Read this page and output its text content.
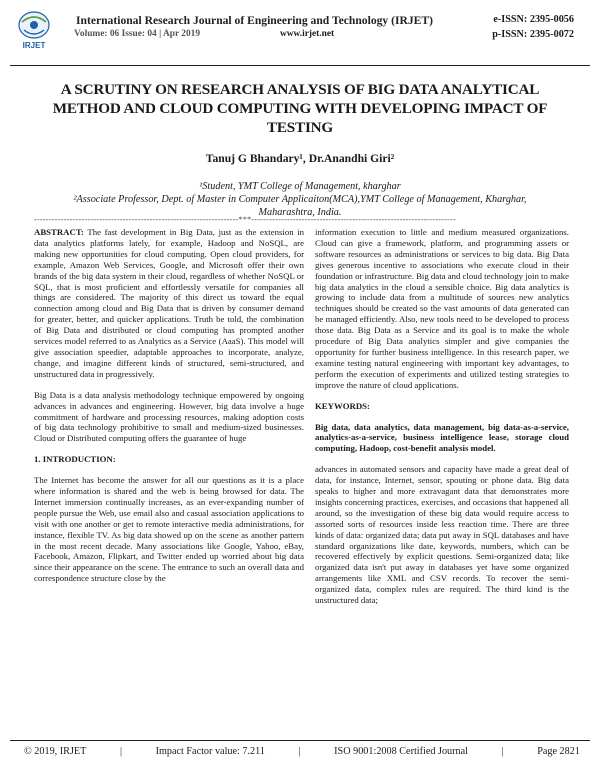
IRJET
International Research Journal of Engineering and Technology (IRJET)	e-ISSN: 2395-0056
Volume: 06 Issue: 04 | Apr 2019	www.irjet.net	p-ISSN: 2395-0072
A SCRUTINY ON RESEARCH ANALYSIS OF BIG DATA ANALYTICAL METHOD AND CLOUD COMPUTING WITH DEVELOPING IMPACT OF TESTING
Tanuj G Bhandary¹, Dr.Anandhi Giri²
¹Student, YMT College of Management, kharghar
²Associate Professor, Dept. of Master in Computer Applicaiton(MCA),YMT College of Management, Kharghar, Maharashtra, India.
---------------------------------------------------------------------***---------------------------------------------------------------------

ABSTRACT: The fast development in Big Data, just as the extension in data analytics platforms lately, for example, Hadoop and NoSQL, are making new opportunities for cloud computing. Open cloud providers, for example, Amazon Web Services, Google, and Microsoft offer their own brands of the big data system in their cloud, regardless of whether NoSQL or SQL, that is most proficient and effortlessly versatile for companies all things are considered. The majority of this direct us toward the equal connection among cloud and Big Data that is driven by consumer demand for greater, better, and quicker applications. Truth be told, the combination of Big Data and distributed or cloud computing has prompted another services model referred to as Analytics as a Service (AaaS). This model will give association speedier, adaptable approaches to incorporate, analyze, change, and imagine different kinds of structured, semi-structured, and unstructured data in progressively.

Big Data is a data analysis methodology technique empowered by ongoing advances in advances and engineering. However, big data involve a huge commitment of hardware and processing resources, making adoption costs of big data technology prohibitive to small and medium-sized businesses. Cloud or Distributed computing offers the guarantee of huge

1. INTRODUCTION:

The Internet has become the answer for all our questions as it is a place where information is shared and the web is being browsed for data. The Internet immersion continually increases, as an ever-expanding number of people pursue the Web, use email also and casual association applications to visit with one another or get to remote interactive media administrations, for instance, flexible TV. As big data showed up on the scene as another pattern in the most recent decade. Many associations like Google, Yahoo, eBay, Facebook, Amazon, Flipkart, and Twitter ended up worried about big data since their appearance on the scene. The entrance to such an overall data and correspondence structure close by the

information execution to little and medium measured organizations. Cloud can give a framework, platform, and programming assets or software resources as administrations or services to big data. Big Data gives generous incentive to associations who execute cloud in their foundation or infrastructure. Big data and cloud technology join to make big data analytics in the cloud a sensible choice. Big data analytics is growing to include data from a multitude of sources new analytics techniques should be created so the vast amounts of data generated can be managed efficiently. Also, new tools need to be developed to process those data. Big Data as a Service and its goal is to make the whole procedure of Big Data analytics simpler and give companies the opportunity for further business intelligence. In this research paper, we examine testing natural engineering with important key advantages, to perform the execution of experiments and utilized testing strategies to improve the nature of cloud applications.

KEYWORDS:

Big data, data analytics, data management, big data-as-a-service, analytics-as-a-service, business intelligence lease, storage cloud computing, Hadoop, cost-benefit analysis model.

advances in automated sensors and capacity have made a great deal of data, for instance, Internet, sensor, spouting or phone data. Big data speaks to higher and more extravagant data that demonstrates more insights concerning practices, exercises, and occasions that happened all around, so the investigation of these big data would require access to assorted sorts of resources inside less reaction time. There are three kinds of data: organized data; data put away in SQL databases and have standard organizations like date, keywords, numbers, which can be recovered effectively by explicit questions. Semi-organized data; like organized data isn't put away in databases yet have some organized arrangements like XML and CSV records. To recover the semi-organized data, complex rules are required. The third kind is the unstructured data;

© 2019, IRJET	|	Impact Factor value: 7.211	|	ISO 9001:2008 Certified Journal	|	Page 2821
